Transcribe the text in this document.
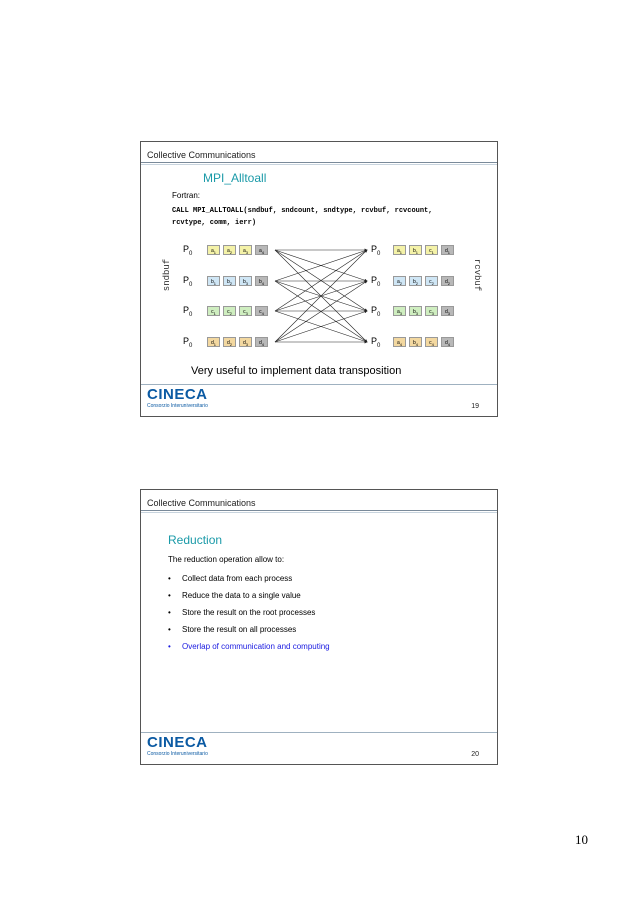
Collective Communications
MPI_Alltoall
Fortran:
CALL MPI_ALLTOALL(sndbuf, sndcount, sndtype, rcvbuf, rcvcount,
rcvtype, comm, ierr)
sndbuf	rcvbuf
$P_0$	$a_1$	$a_2$	$a_3$	$a_4$
$P_0$	$b_1$	$b_2$	$b_3$	$b_4$
$P_0$	$c_1$	$c_2$	$c_3$	$c_4$
$P_0$	$d_1$	$d_2$	$d_3$	$d_4$
$P_0$	$a_1$	$b_1$	$c_1$	$d_1$
$P_0$	$a_2$	$b_2$	$c_2$	$d_2$
$P_0$	$a_3$	$b_3$	$c_3$	$d_3$
$P_0$	$a_4$	$b_4$	$c_4$	$d_4$
Very useful to implement data transposition
CINECA
Consorzio Interuniversitario	19
Collective Communications
Reduction
The reduction operation allow to:
• Collect data from each process
• Reduce the data to a single value
• Store the result on the root processes
• Store the result on all processes
• Overlap of communication and computing
CINECA
Consorzio Interuniversitario	20
10
